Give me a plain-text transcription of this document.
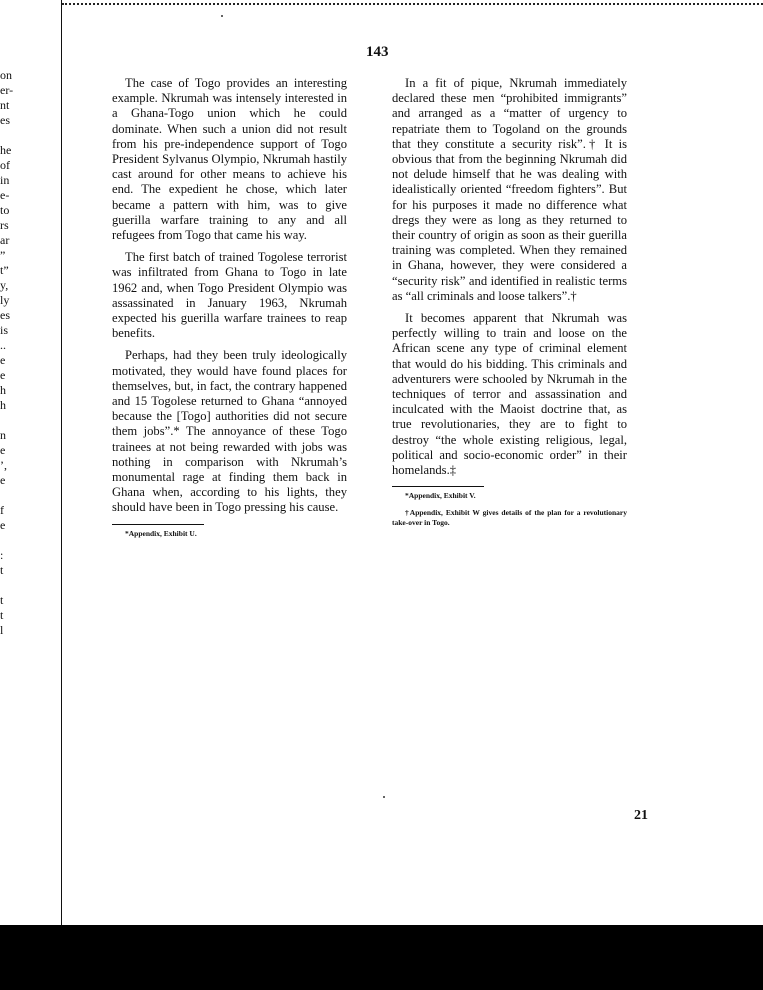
on
er-
nt
es

he
of
in
e-
to
rs
ar
”
t”
y,
ly
es
is
..
e
e
h
h

n
e
’,
e

f
e

:
t

t
t
l
143

The case of Togo provides an interesting example. Nkrumah was intensely interested in a Ghana-Togo union which he could dominate. When such a union did not result from his pre-independence support of Togo President Sylvanus Olympio, Nkrumah hastily cast around for other means to achieve his end. The expedient he chose, which later became a pattern with him, was to give guerilla warfare training to any and all refugees from Togo that came his way.

The first batch of trained Togolese terrorist was infiltrated from Ghana to Togo in late 1962 and, when Togo President Olympio was assassinated in January 1963, Nkrumah expected his guerilla warfare trainees to reap benefits.

Perhaps, had they been truly ideologically motivated, they would have found places for themselves, but, in fact, the contrary happened and 15 Togolese returned to Ghana “annoyed because the [Togo] authorities did not secure them jobs”.* The annoyance of these Togo trainees at not being rewarded with jobs was nothing in comparison with Nkrumah’s monumental rage at finding them back in Ghana when, according to his lights, they should have been in Togo pressing his cause.

*Appendix, Exhibit U.

In a fit of pique, Nkrumah immediately declared these men “prohibited immigrants” and arranged as a “matter of urgency to repatriate them to Togoland on the grounds that they constitute a security risk”.† It is obvious that from the beginning Nkrumah did not delude himself that he was dealing with idealistically oriented “freedom fighters”. But for his purposes it made no difference what dregs they were as long as they returned to their country of origin as soon as their guerilla training was completed. When they remained in Ghana, however, they were considered a “security risk” and identified in realistic terms as “all criminals and loose talkers”.†

It becomes apparent that Nkrumah was perfectly willing to train and loose on the African scene any type of criminal element that would do his bidding. This criminals and adventurers were schooled by Nkrumah in the techniques of terror and assassination and inculcated with the Maoist doctrine that, as true revolutionaries, they are to fight to destroy “the whole existing religious, legal, political and socio-economic order” in their homelands.‡

*Appendix, Exhibit V.

†Appendix, Exhibit W gives details of the plan for a revolutionary take-over in Togo.

21
